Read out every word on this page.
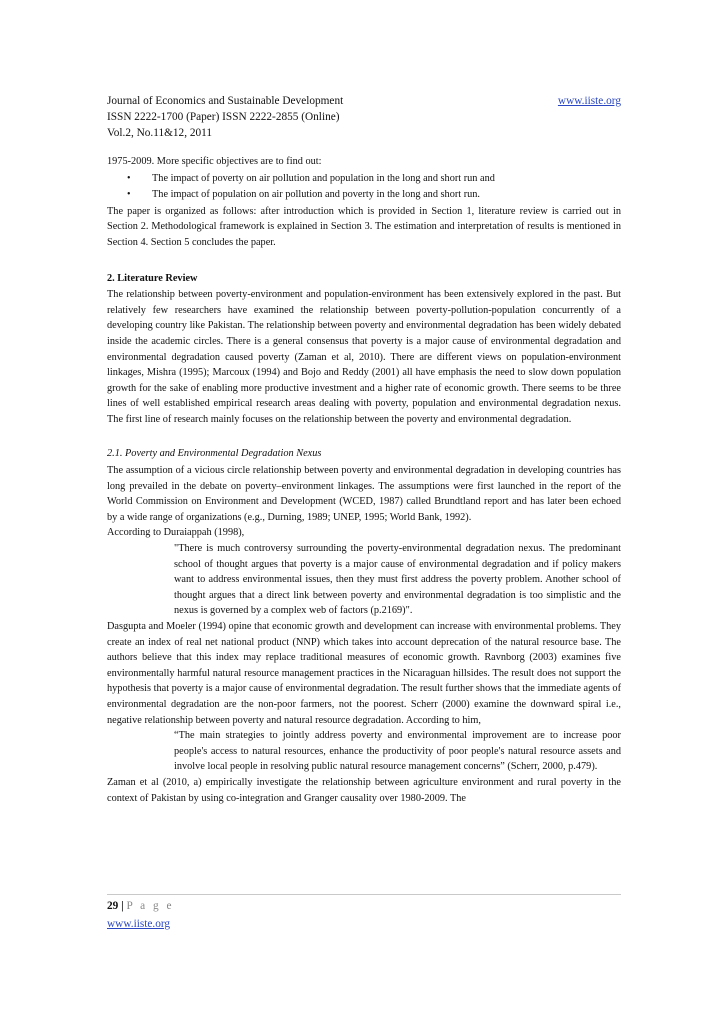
Journal of Economics and Sustainable Development	www.iiste.org
ISSN 2222-1700 (Paper) ISSN 2222-2855 (Online)
Vol.2, No.11&12, 2011

1975-2009. More specific objectives are to find out:

• The impact of poverty on air pollution and population in the long and short run and
• The impact of population on air pollution and poverty in the long and short run.

The paper is organized as follows: after introduction which is provided in Section 1, literature review is carried out in Section 2. Methodological framework is explained in Section 3. The estimation and interpretation of results is mentioned in Section 4. Section 5 concludes the paper.

2. Literature Review

The relationship between poverty-environment and population-environment has been extensively explored in the past. But relatively few researchers have examined the relationship between poverty-pollution-population concurrently of a developing country like Pakistan. The relationship between poverty and environmental degradation has been widely debated inside the academic circles. There is a general consensus that poverty is a major cause of environmental degradation and environmental degradation caused poverty (Zaman et al, 2010). There are different views on population-environment linkages, Mishra (1995); Marcoux (1994) and Bojo and Reddy (2001) all have emphasis the need to slow down population growth for the sake of enabling more productive investment and a higher rate of economic growth. There seems to be three lines of well established empirical research areas dealing with poverty, population and environmental degradation nexus. The first line of research mainly focuses on the relationship between the poverty and environmental degradation.

2.1. Poverty and Environmental Degradation Nexus

The assumption of a vicious circle relationship between poverty and environmental degradation in developing countries has long prevailed in the debate on poverty–environment linkages. The assumptions were first launched in the report of the World Commission on Environment and Development (WCED, 1987) called Brundtland report and has later been echoed by a wide range of organizations (e.g., Durning, 1989; UNEP, 1995; World Bank, 1992).

According to Duraiappah (1998),

"There is much controversy surrounding the poverty-environmental degradation nexus. The predominant school of thought argues that poverty is a major cause of environmental degradation and if policy makers want to address environmental issues, then they must first address the poverty problem. Another school of thought argues that a direct link between poverty and environmental degradation is too simplistic and the nexus is governed by a complex web of factors (p.2169)".

Dasgupta and Moeler (1994) opine that economic growth and development can increase with environmental problems. They create an index of real net national product (NNP) which takes into account deprecation of the natural resource base. The authors believe that this index may replace traditional measures of economic growth. Ravnborg (2003) examines five environmentally harmful natural resource management practices in the Nicaraguan hillsides. The result does not support the hypothesis that poverty is a major cause of environmental degradation. The result further shows that the immediate agents of environmental degradation are the non-poor farmers, not the poorest. Scherr (2000) examine the downward spiral i.e., negative relationship between poverty and natural resource degradation. According to him,

“The main strategies to jointly address poverty and environmental improvement are to increase poor people's access to natural resources, enhance the productivity of poor people's natural resource assets and involve local people in resolving public natural resource management concerns” (Scherr, 2000, p.479).

Zaman et al (2010, a) empirically investigate the relationship between agriculture environment and rural poverty in the context of Pakistan by using co-integration and Granger causality over 1980-2009. The

29 | P a g e
www.iiste.org
